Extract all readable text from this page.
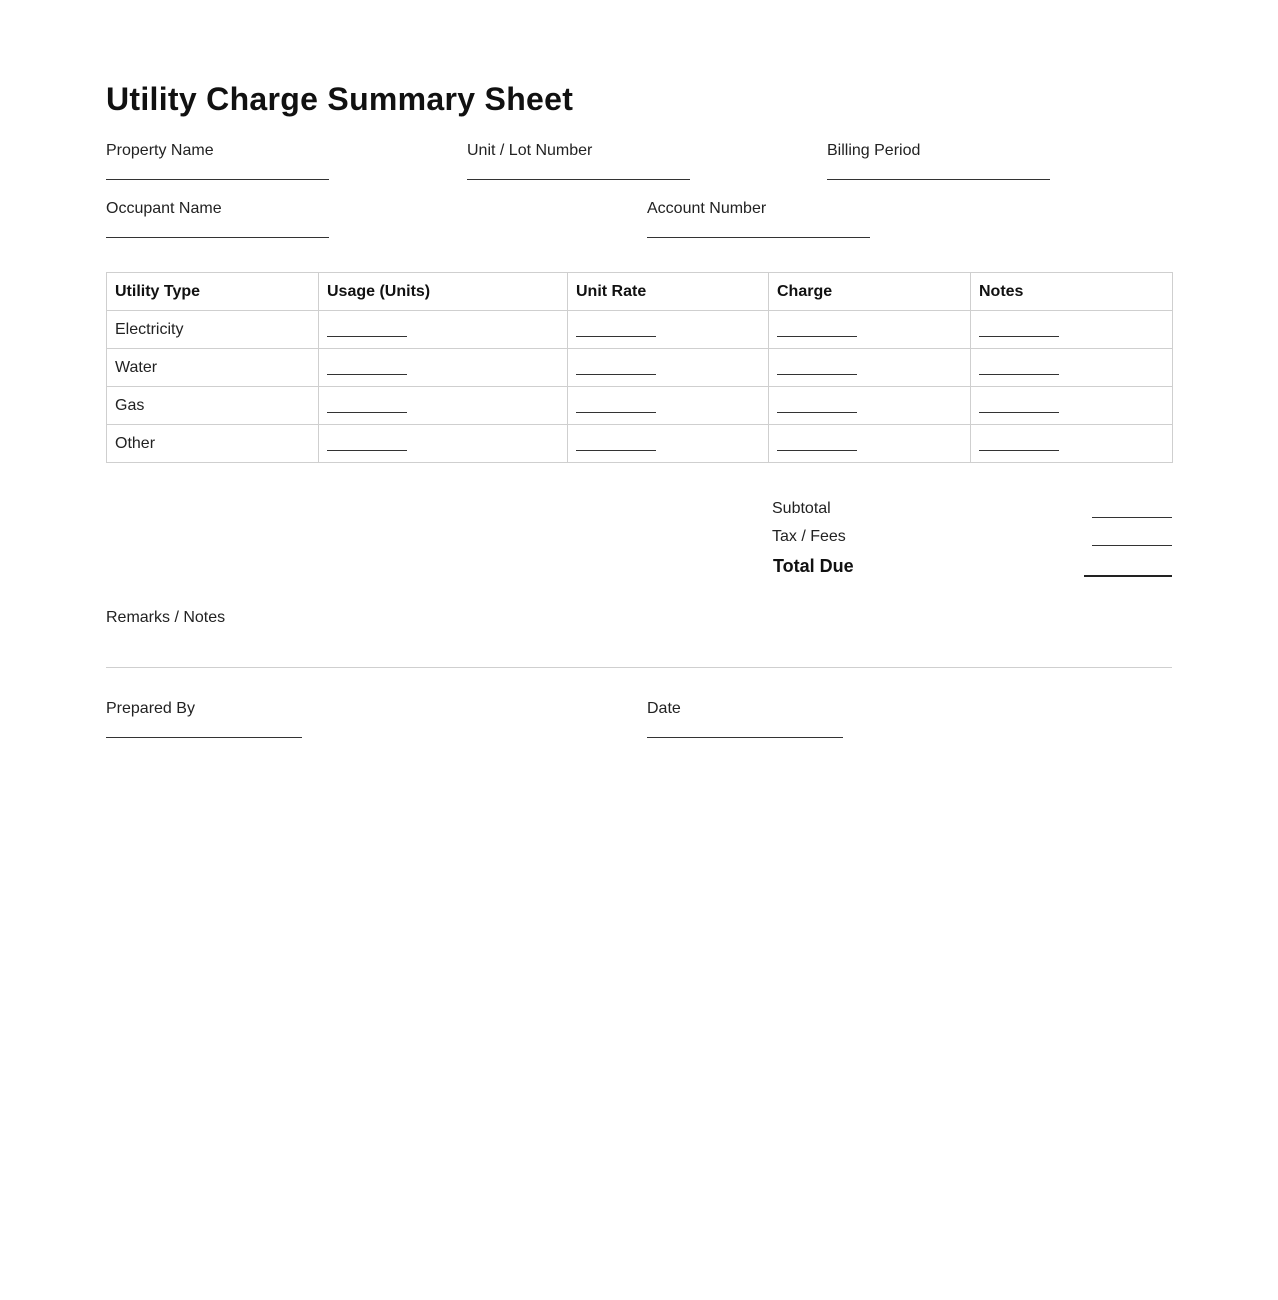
Utility Charge Summary Sheet
Property Name	Unit / Lot Number	Billing Period
Occupant Name	Account Number
Utility Type	Usage (Units)	Unit Rate	Charge	Notes
Electricity				
Water				
Gas				
Other				
Subtotal
Tax / Fees
Total Due
Remarks / Notes
Prepared By	Date
